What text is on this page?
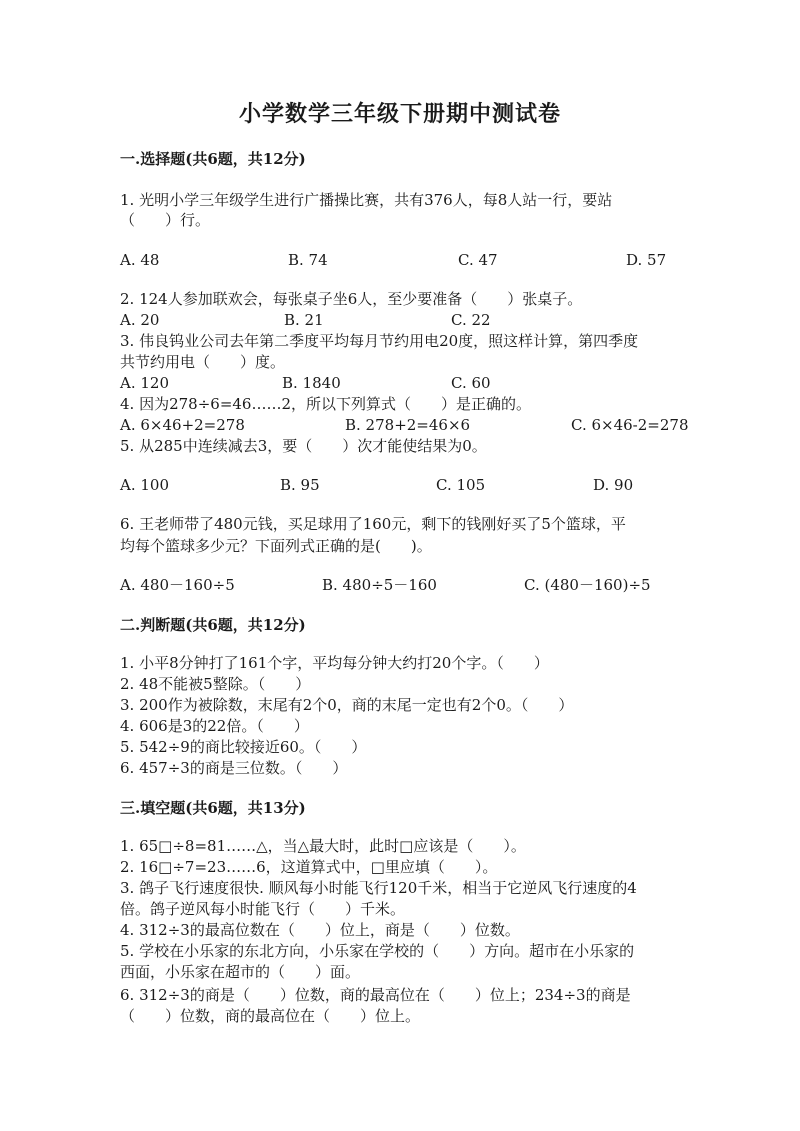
小学数学三年级下册期中测试卷
一.选择题(共6题，共12分)
1. 光明小学三年级学生进行广播操比赛，共有376人，每8人站一行，要站
（　　）行。
A. 48	B. 74	C. 47	D. 57
2. 124人参加联欢会，每张桌子坐6人，至少要准备（　　）张桌子。
A. 20	B. 21	C. 22
3. 伟良钨业公司去年第二季度平均每月节约用电20度，照这样计算，第四季度
共节约用电（　　）度。
A. 120	B. 1840	C. 60
4. 因为278÷6=46……2，所以下列算式（　　）是正确的。
A. 6×46+2=278	B. 278+2=46×6	C. 6×46-2=278
5. 从285中连续减去3，要（　　）次才能使结果为0。
A. 100	B. 95	C. 105	D. 90
6. 王老师带了480元钱，买足球用了160元，剩下的钱刚好买了5个篮球，平
均每个篮球多少元？下面列式正确的是(　　)。
A. 480－160÷5	B. 480÷5－160	C. (480－160)÷5
二.判断题(共6题，共12分)
1. 小平8分钟打了161个字，平均每分钟大约打20个字。（　　）
2. 48不能被5整除。（　　）
3. 200作为被除数，末尾有2个0，商的末尾一定也有2个0。（　　）
4. 606是3的22倍。（　　）
5. 542÷9的商比较接近60。（　　）
6. 457÷3的商是三位数。（　　）
三.填空题(共6题，共13分)
1. 65□÷8=81……△，当△最大时，此时□应该是（　　）。
2. 16□÷7=23……6，这道算式中，□里应填（　　）。
3. 鸽子飞行速度很快. 顺风每小时能飞行120千米，相当于它逆风飞行速度的4
倍。鸽子逆风每小时能飞行（　　）千米。
4. 312÷3的最高位数在（　　）位上，商是（　　）位数。
5. 学校在小乐家的东北方向，小乐家在学校的（　　）方向。超市在小乐家的
西面，小乐家在超市的（　　）面。
6. 312÷3的商是（　　）位数，商的最高位在（　　）位上；234÷3的商是
（　　）位数，商的最高位在（　　）位上。
